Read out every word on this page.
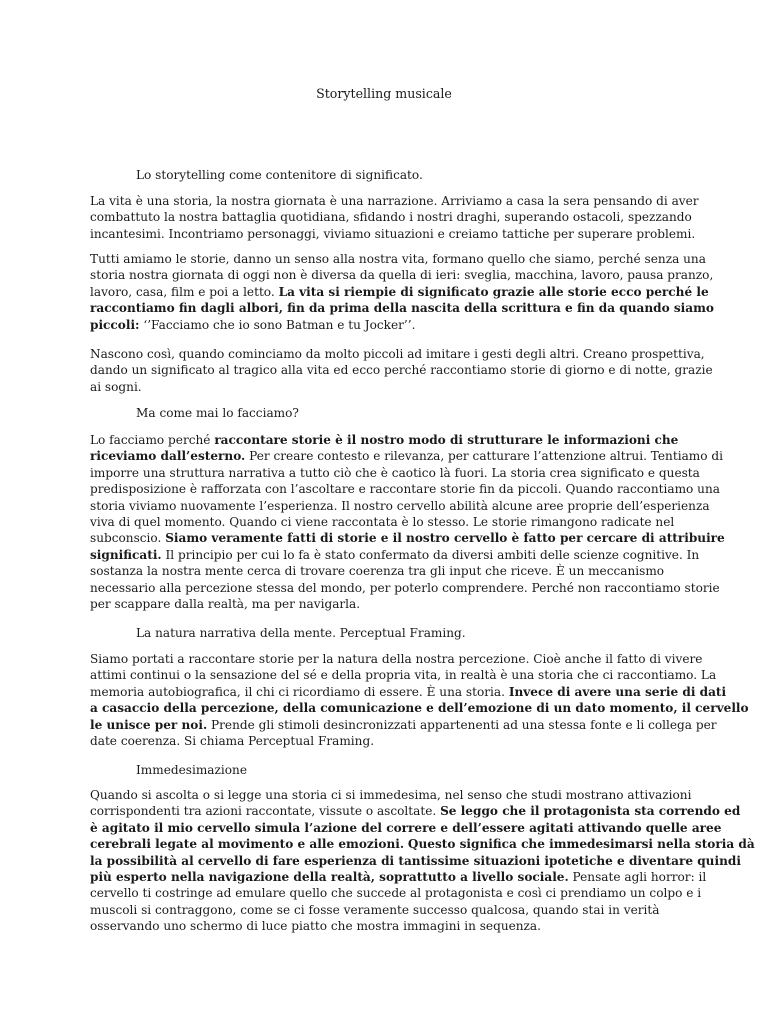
Storytelling musicale
Lo storytelling come contenitore di significato.
La vita è una storia, la nostra giornata è una narrazione. Arriviamo a casa la sera pensando di aver
combattuto la nostra battaglia quotidiana, sfidando i nostri draghi, superando ostacoli, spezzando
incantesimi. Incontriamo personaggi, viviamo situazioni e creiamo tattiche per superare problemi.
Tutti amiamo le storie, danno un senso alla nostra vita, formano quello che siamo, perché senza una
storia nostra giornata di oggi non è diversa da quella di ieri: sveglia, macchina, lavoro, pausa pranzo,
lavoro, casa, film e poi a letto. La vita si riempie di significato grazie alle storie ecco perché le
raccontiamo fin dagli albori, fin da prima della nascita della scrittura e fin da quando siamo
piccoli: ‘’Facciamo che io sono Batman e tu Jocker’’.
Nascono così, quando cominciamo da molto piccoli ad imitare i gesti degli altri. Creano prospettiva,
dando un significato al tragico alla vita ed ecco perché raccontiamo storie di giorno e di notte, grazie
ai sogni.
Ma come mai lo facciamo?
Lo facciamo perché raccontare storie è il nostro modo di strutturare le informazioni che
riceviamo dall’esterno. Per creare contesto e rilevanza, per catturare l’attenzione altrui. Tentiamo di
imporre una struttura narrativa a tutto ciò che è caotico là fuori. La storia crea significato e questa
predisposizione è rafforzata con l’ascoltare e raccontare storie fin da piccoli. Quando raccontiamo una
storia viviamo nuovamente l’esperienza. Il nostro cervello abilità alcune aree proprie dell’esperienza
viva di quel momento. Quando ci viene raccontata è lo stesso. Le storie rimangono radicate nel
subconscio. Siamo veramente fatti di storie e il nostro cervello è fatto per cercare di attribuire
significati. Il principio per cui lo fa è stato confermato da diversi ambiti delle scienze cognitive. In
sostanza la nostra mente cerca di trovare coerenza tra gli input che riceve. È un meccanismo
necessario alla percezione stessa del mondo, per poterlo comprendere. Perché non raccontiamo storie
per scappare dalla realtà, ma per navigarla.
La natura narrativa della mente. Perceptual Framing.
Siamo portati a raccontare storie per la natura della nostra percezione. Cioè anche il fatto di vivere
attimi continui o la sensazione del sé e della propria vita, in realtà è una storia che ci raccontiamo. La
memoria autobiografica, il chi ci ricordiamo di essere. È una storia. Invece di avere una serie di dati
a casaccio della percezione, della comunicazione e dell’emozione di un dato momento, il cervello
le unisce per noi. Prende gli stimoli desincronizzati appartenenti ad una stessa fonte e li collega per
date coerenza. Si chiama Perceptual Framing.
Immedesimazione
Quando si ascolta o si legge una storia ci si immedesima, nel senso che studi mostrano attivazioni
corrispondenti tra azioni raccontate, vissute o ascoltate. Se leggo che il protagonista sta correndo ed
è agitato il mio cervello simula l’azione del correre e dell’essere agitati attivando quelle aree
cerebrali legate al movimento e alle emozioni. Questo significa che immedesimarsi nella storia dà
la possibilità al cervello di fare esperienza di tantissime situazioni ipotetiche e diventare quindi
più esperto nella navigazione della realtà, soprattutto a livello sociale. Pensate agli horror: il
cervello ti costringe ad emulare quello che succede al protagonista e così ci prendiamo un colpo e i
muscoli si contraggono, come se ci fosse veramente successo qualcosa, quando stai in verità
osservando uno schermo di luce piatto che mostra immagini in sequenza.
